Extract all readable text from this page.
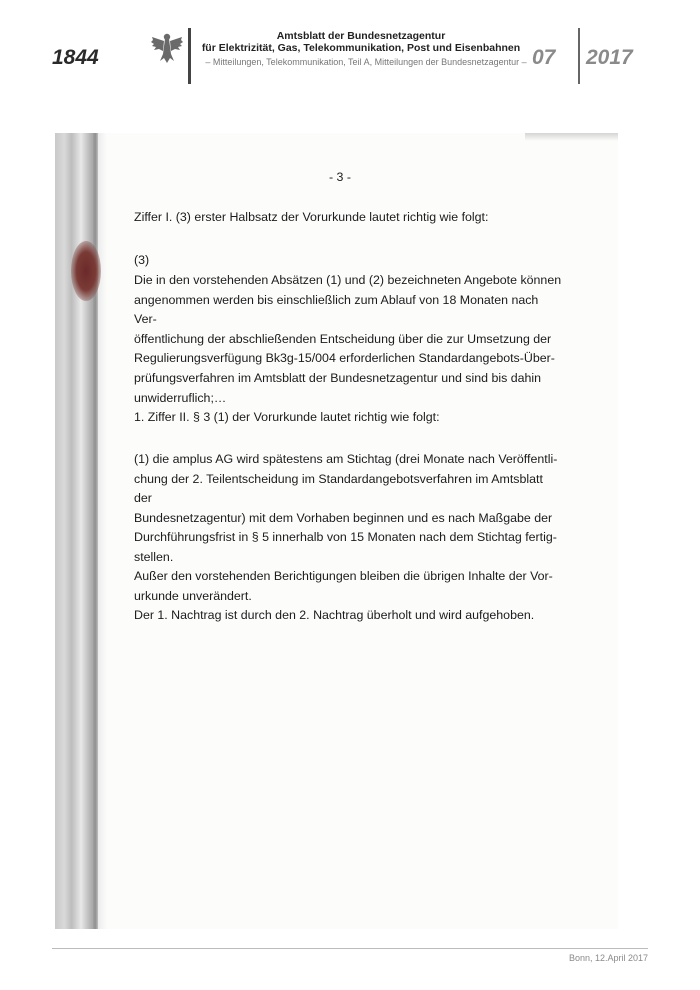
1844
Amtsblatt der Bundesnetzagentur
für Elektrizität, Gas, Telekommunikation, Post und Eisenbahnen
– Mitteilungen, Telekommunikation, Teil A, Mitteilungen der Bundesnetzagentur – 07 2017
- 3 -
Ziffer I. (3) erster Halbsatz der Vorurkunde lautet richtig wie folgt:
(3)
Die in den vorstehenden Absätzen (1) und (2) bezeichneten Angebote können
angenommen werden bis einschließlich zum Ablauf von 18 Monaten nach Ver-
öffentlichung der abschließenden Entscheidung über die zur Umsetzung der
Regulierungsverfügung Bk3g-15/004 erforderlichen Standardangebots-Über-
prüfungsverfahren im Amtsblatt der Bundesnetzagentur und sind bis dahin
unwiderruflich;…
1. Ziffer II. § 3 (1) der Vorurkunde lautet richtig wie folgt:
(1) die amplus AG wird spätestens am Stichtag (drei Monate nach Veröffentli-
chung der 2. Teilentscheidung im Standardangebotsverfahren im Amtsblatt der
Bundesnetzagentur) mit dem Vorhaben beginnen und es nach Maßgabe der
Durchführungsfrist in § 5 innerhalb von 15 Monaten nach dem Stichtag fertig-
stellen.
Außer den vorstehenden Berichtigungen bleiben die übrigen Inhalte der Vor-
urkunde unverändert.
Der 1. Nachtrag ist durch den 2. Nachtrag überholt und wird aufgehoben.
Bonn, 12.April 2017
